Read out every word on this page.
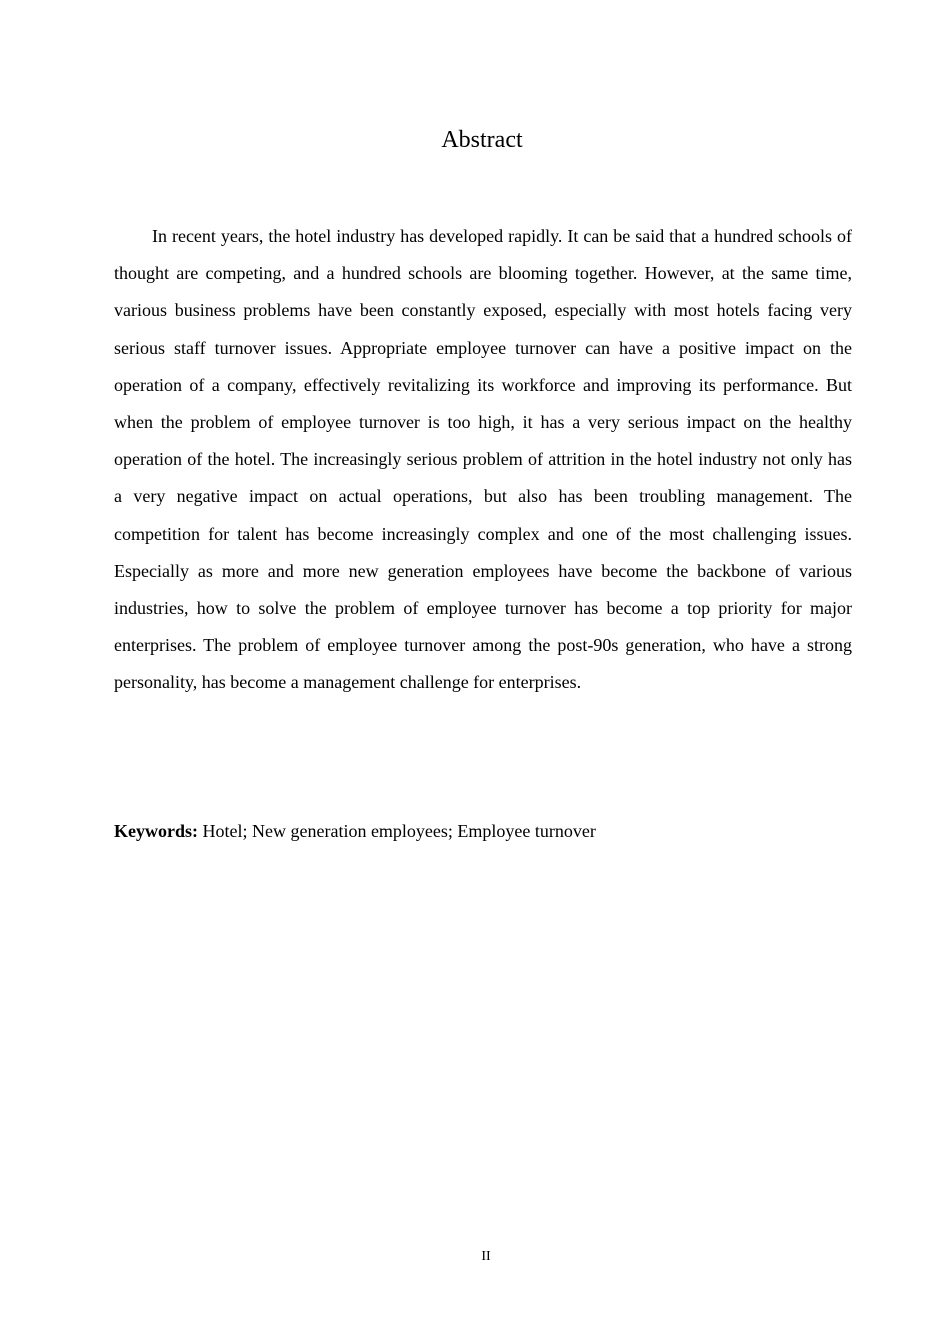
Abstract

In recent years, the hotel industry has developed rapidly. It can be said that a hundred schools of thought are competing, and a hundred schools are blooming together. However, at the same time, various business problems have been constantly exposed, especially with most hotels facing very serious staff turnover issues. Appropriate employee turnover can have a positive impact on the operation of a company, effectively revitalizing its workforce and improving its performance. But when the problem of employee turnover is too high, it has a very serious impact on the healthy operation of the hotel. The increasingly serious problem of attrition in the hotel industry not only has a very negative impact on actual operations, but also has been troubling management. The competition for talent has become increasingly complex and one of the most challenging issues. Especially as more and more new generation employees have become the backbone of various industries, how to solve the problem of employee turnover has become a top priority for major enterprises. The problem of employee turnover among the post-90s generation, who have a strong personality, has become a management challenge for enterprises.

Keywords: Hotel; New generation employees; Employee turnover

II
